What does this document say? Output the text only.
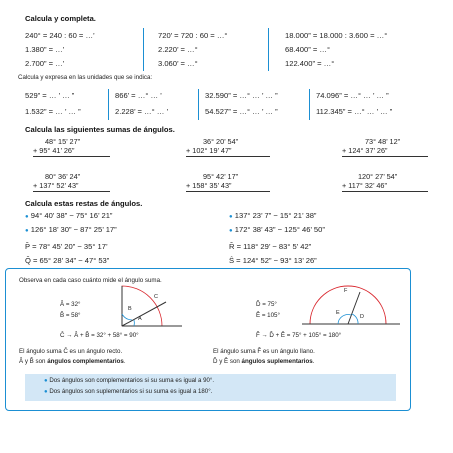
Calcula y completa.
240° = 240 : 60 = …’	720’ = 720 : 60 = …°	18.000” = 18.000 : 3.600 = …°
1.380” = …’	2.220’ = …°	68.400” = …°
2.700” = …’	3.060’ = …°	122.400” = …°
Calcula y expresa en las unidades que se indica:
529” = … ’ … ”	866’ = …° … ’	32.590” = …° … ’ … ”	74.096” = …° … ’ … ”
1.532” = … ’ … ”	2.228’ = …° … ’	54.527” = …° … ’ … ”	112.345” = …° … ’ … ”
Calcula las siguientes sumas de ángulos.
48° 15’ 27”
+ 95° 41’ 26”
36° 20’ 54”
+ 102° 19’ 47”
73° 48’ 12”
+ 124° 37’ 26”
80° 36’ 24”
+ 137° 52’ 43”
95° 42’ 17”
+ 158° 35’ 43”
120° 27’ 54”
+ 117° 32’ 46”
Calcula estas restas de ángulos.
● 94° 40’ 38” − 75° 16’ 21”	● 137° 23’ 7” − 15° 21’ 38”
● 126° 18’ 30” − 87° 25’ 17”	● 172° 38’ 43” − 125° 46’ 50”
P̂ = 78° 45’ 20” − 35° 17’	R̂ = 118° 29’ − 83° 5’ 42”
Q̂ = 65° 28’ 34” − 47° 53”	Ŝ = 124° 52” − 93° 13’ 26”
Observa en cada caso cuánto mide el ángulo suma.
Â = 32°
B̂ = 58°
Ĉ → Â + B̂ = 32° + 58° = 90°
El ángulo suma Ĉ es un ángulo recto.
Â y B̂ son ángulos complementarios.
A
B
C
D̂ = 75°
Ê = 105°
F̂ → D̂ + Ê = 75° + 105° = 180°
El ángulo suma F̂ es un ángulo llano.
D̂ y Ê son ángulos suplementarios.
E
D
F
● Dos ángulos son complementarios si su suma es igual a 90°.
● Dos ángulos son suplementarios si su suma es igual a 180°.
